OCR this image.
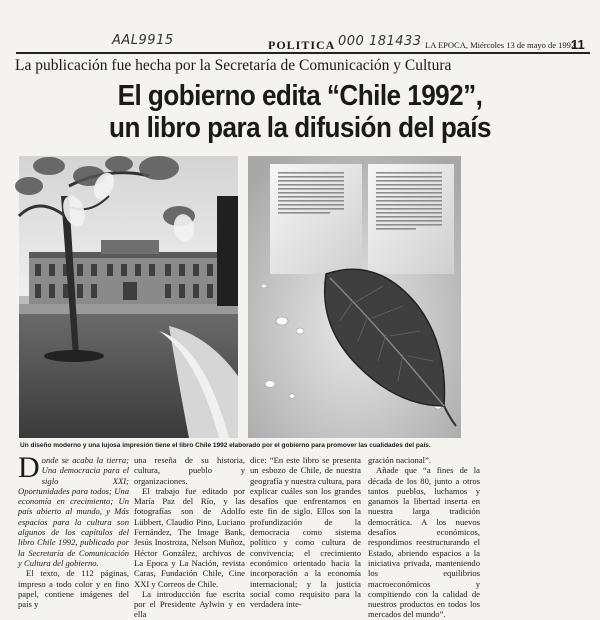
AAL9915	POLITICA 000 181433 LA EPOCA, Miércoles 13 de mayo de 1992
11
La publicación fue hecha por la Secretaría de Comunicación y Cultura
El gobierno edita “Chile 1992”,
un libro para la difusión del país
Un diseño moderno y una lujosa impresión tiene el libro Chile 1992 elaborado por el gobierno para promover las cualidades del país.

Donde se acaba la tierra; Una democracia para el siglo XXI; Oportunidades para todos; Una economía en crecimiento; Un país abierto al mundo, y Más espacios para la cultura son algunos de los capítulos del libro Chile 1992, publicado por la Secretaría de Comunicación y Cultura del gobierno.

El texto, de 112 páginas, impreso a todo color y en fino papel, contiene imágenes del país y

una reseña de su historia, cultura, pueblo y organizaciones.

El trabajo fue editado por María Paz del Río, y las fotografías son de Adolfo Lübbert, Claudio Pino, Luciano Fernández, The Image Bank, Jesús Inostroza, Nelson Muñoz, Héctor González, archivos de La Epoca y La Nación, revista Caras, Fundación Chile, Cine XXI y Correos de Chile.

La introducción fue escrita por el Presidente Aylwin y en ella

dice: “En este libro se presenta un esbozo de Chile, de nuestra geografía y nuestra cultura, para explicar cuáles son los grandes desafíos que enfrentamos en este fin de siglo. Ellos son la profundización de la democracia como sistema político y como cultura de convivencia; el crecimiento económico orientado hacia la incorporación a la economía internacional; y la justicia social como requisito para la verdadera inte-

gración nacional”.

Añade que “a fines de la década de los 80, junto a otros tantos pueblos, luchamos y ganamos la libertad inserta en nuestra larga tradición democrática. A los nuevos desafíos económicos, respondimos reestructurando el Estado, abriendo espacios a la iniciativa privada, manteniendo los equilibrios macroeconómicos y compitiendo con la calidad de nuestros productos en todos los mercados del mundo”.
